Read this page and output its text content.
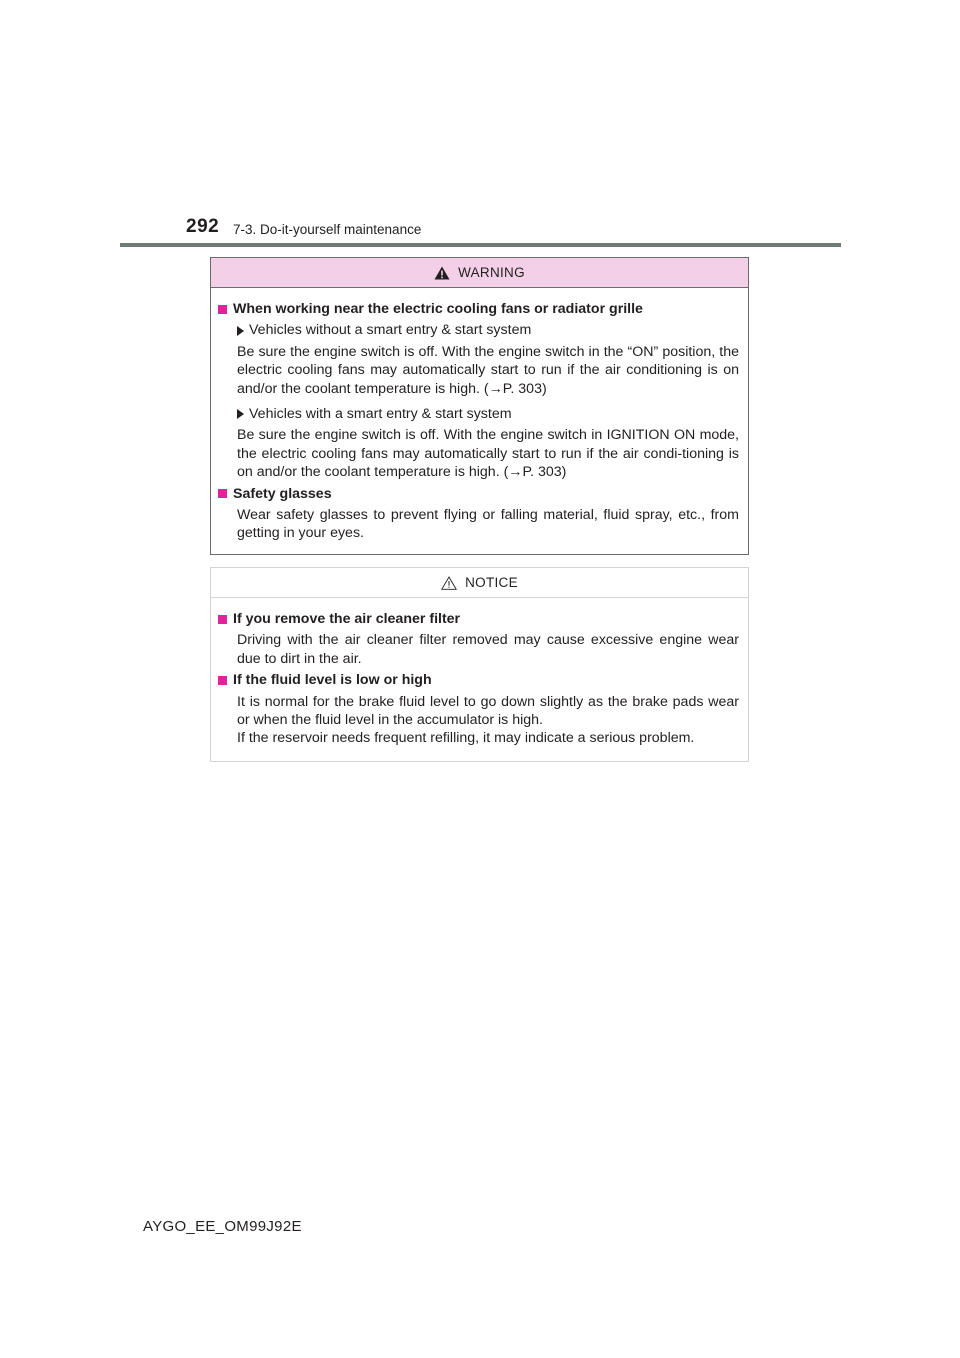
292 7-3. Do-it-yourself maintenance
WARNING
When working near the electric cooling fans or radiator grille
Vehicles without a smart entry & start system
Be sure the engine switch is off. With the engine switch in the “ON” position, the electric cooling fans may automatically start to run if the air conditioning is on and/or the coolant temperature is high. (→P. 303)
Vehicles with a smart entry & start system
Be sure the engine switch is off. With the engine switch in IGNITION ON mode, the electric cooling fans may automatically start to run if the air condi-tioning is on and/or the coolant temperature is high. (→P. 303)
Safety glasses
Wear safety glasses to prevent flying or falling material, fluid spray, etc., from getting in your eyes.
NOTICE
If you remove the air cleaner filter
Driving with the air cleaner filter removed may cause excessive engine wear due to dirt in the air.
If the fluid level is low or high
It is normal for the brake fluid level to go down slightly as the brake pads wear or when the fluid level in the accumulator is high.
If the reservoir needs frequent refilling, it may indicate a serious problem.
AYGO_EE_OM99J92E
